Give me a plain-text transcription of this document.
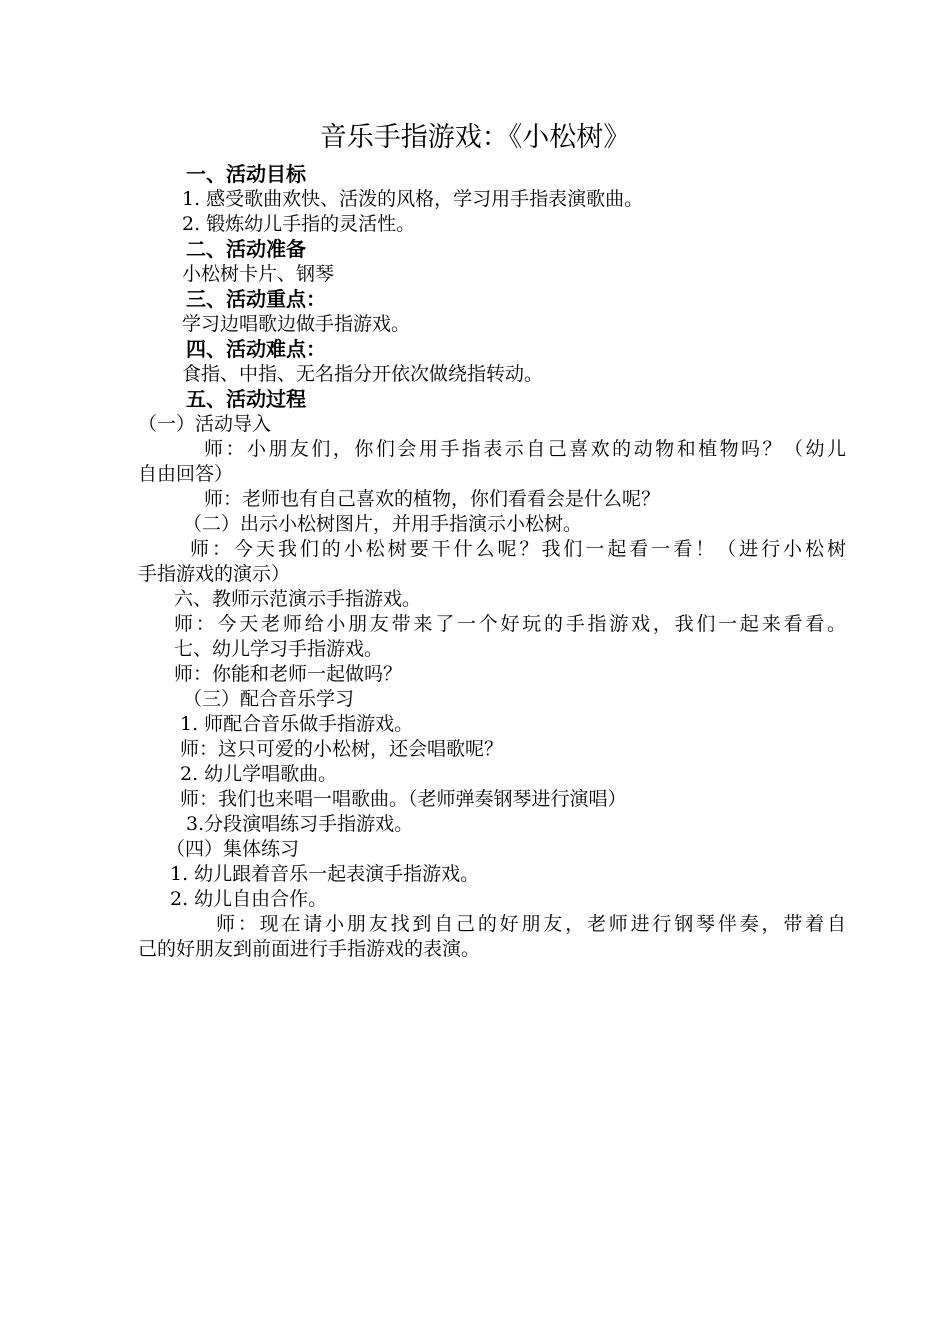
音乐手指游戏：《小松树》
一、活动目标
1. 感受歌曲欢快、活泼的风格，学习用手指表演歌曲。
2. 锻炼幼儿手指的灵活性。
二、活动准备
小松树卡片、钢琴
三、活动重点：
学习边唱歌边做手指游戏。
四、活动难点：
食指、中指、无名指分开依次做绕指转动。
五、活动过程
（一）活动导入
师：小朋友们，你们会用手指表示自己喜欢的动物和植物吗？（幼儿
自由回答）
师：老师也有自己喜欢的植物，你们看看会是什么呢？
（二）出示小松树图片，并用手指演示小松树。
师：今天我们的小松树要干什么呢？我们一起看一看！（进行小松树
手指游戏的演示）
六、教师示范演示手指游戏。
师：今天老师给小朋友带来了一个好玩的手指游戏，我们一起来看看。
七、幼儿学习手指游戏。
师：你能和老师一起做吗？
（三）配合音乐学习
1. 师配合音乐做手指游戏。
师：这只可爱的小松树，还会唱歌呢？
2. 幼儿学唱歌曲。
师：我们也来唱一唱歌曲。（老师弹奏钢琴进行演唱）
3.分段演唱练习手指游戏。
（四）集体练习
1. 幼儿跟着音乐一起表演手指游戏。
2. 幼儿自由合作。
师：现在请小朋友找到自己的好朋友，老师进行钢琴伴奏，带着自
己的好朋友到前面进行手指游戏的表演。
